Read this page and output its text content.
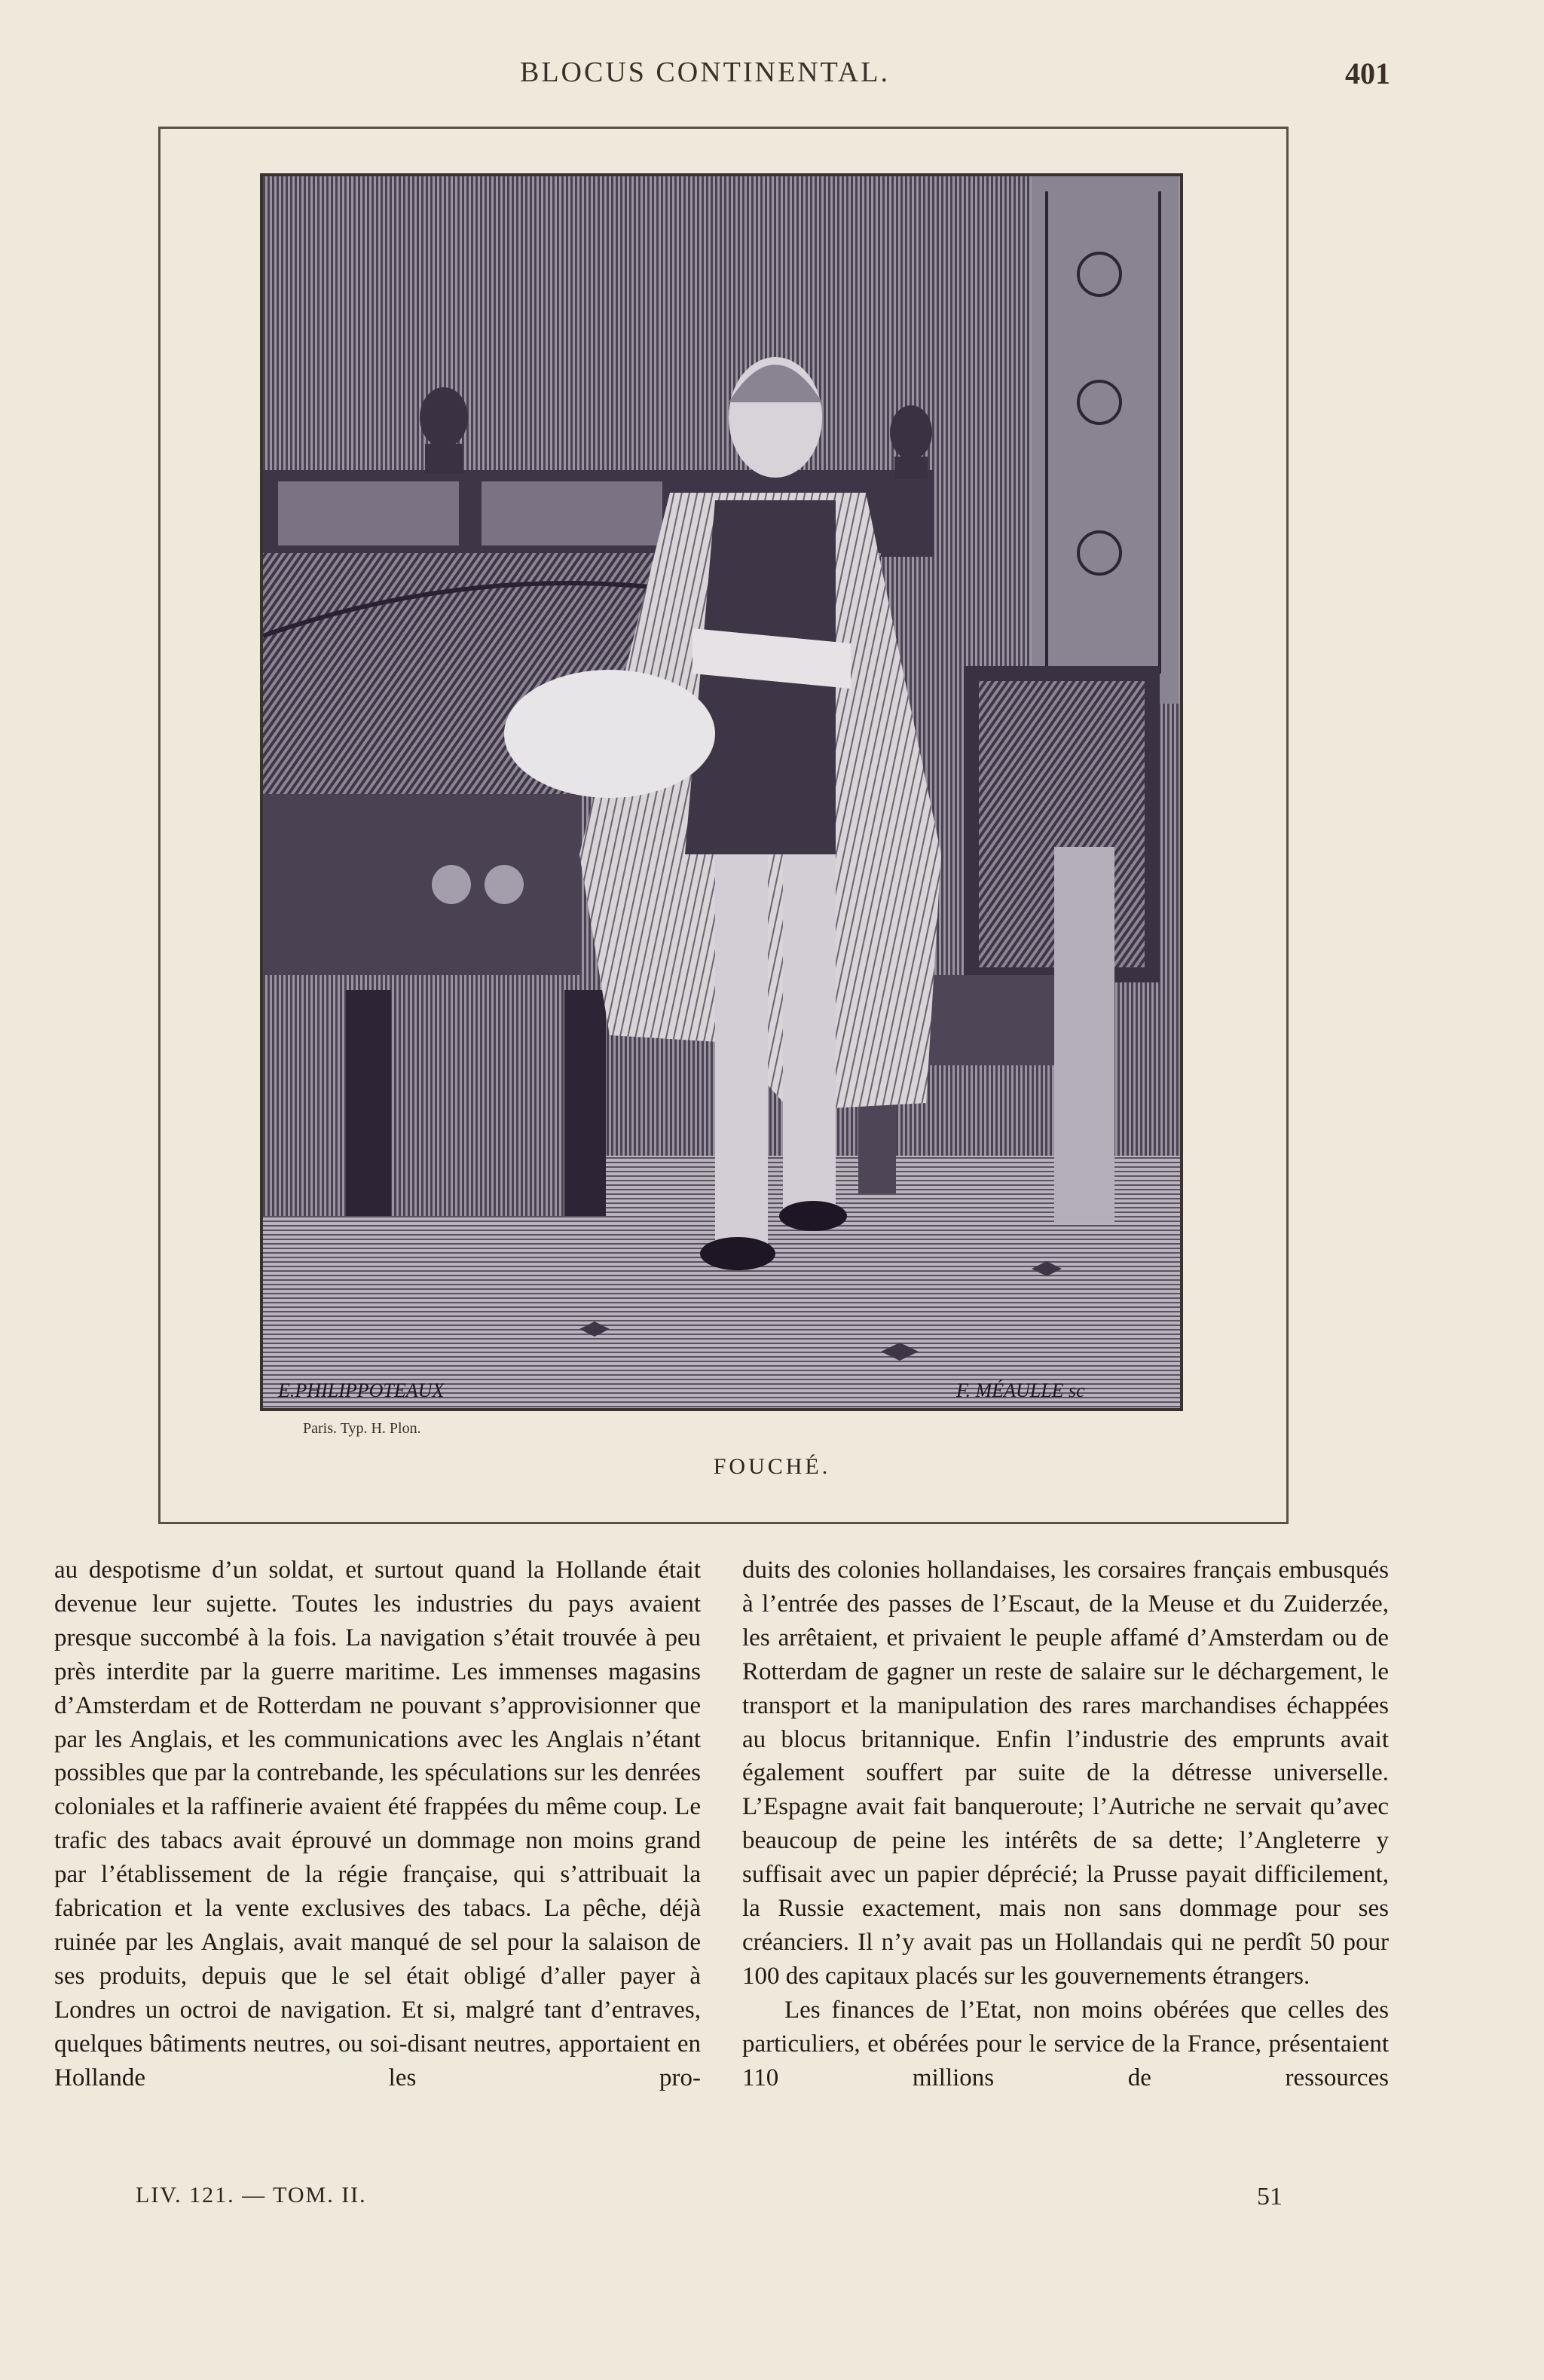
BLOCUS CONTINENTAL.	401
E.PHILIPPOTEAUX	F. MÉAULLE sc
Paris. Typ. H. Plon.
FOUCHÉ.

au despotisme d’un soldat, et surtout quand la Hollande était devenue leur sujette. Toutes les industries du pays avaient presque succombé à la fois. La navigation s’était trouvée à peu près interdite par la guerre maritime. Les immenses magasins d’Amsterdam et de Rotterdam ne pouvant s’approvisionner que par les Anglais, et les communications avec les Anglais n’étant possibles que par la contrebande, les spéculations sur les denrées coloniales et la raffinerie avaient été frappées du même coup. Le trafic des tabacs avait éprouvé un dommage non moins grand par l’établissement de la régie française, qui s’attribuait la fabrication et la vente exclusives des tabacs. La pêche, déjà ruinée par les Anglais, avait manqué de sel pour la salaison de ses produits, depuis que le sel était obligé d’aller payer à Londres un octroi de navigation. Et si, malgré tant d’entraves, quelques bâtiments neutres, ou soi-disant neutres, apportaient en Hollande les pro-

duits des colonies hollandaises, les corsaires français embusqués à l’entrée des passes de l’Escaut, de la Meuse et du Zuiderzée, les arrêtaient, et privaient le peuple affamé d’Amsterdam ou de Rotterdam de gagner un reste de salaire sur le déchargement, le transport et la manipulation des rares marchandises échappées au blocus britannique. Enfin l’industrie des emprunts avait également souffert par suite de la détresse universelle. L’Espagne avait fait banqueroute; l’Autriche ne servait qu’avec beaucoup de peine les intérêts de sa dette; l’Angleterre y suffisait avec un papier déprécié; la Prusse payait difficilement, la Russie exactement, mais non sans dommage pour ses créanciers. Il n’y avait pas un Hollandais qui ne perdît 50 pour 100 des capitaux placés sur les gouvernements étrangers.

Les finances de l’Etat, non moins obérées que celles des particuliers, et obérées pour le service de la France, présentaient 110 millions de ressources

LIV. 121. — TOM. II.	51
